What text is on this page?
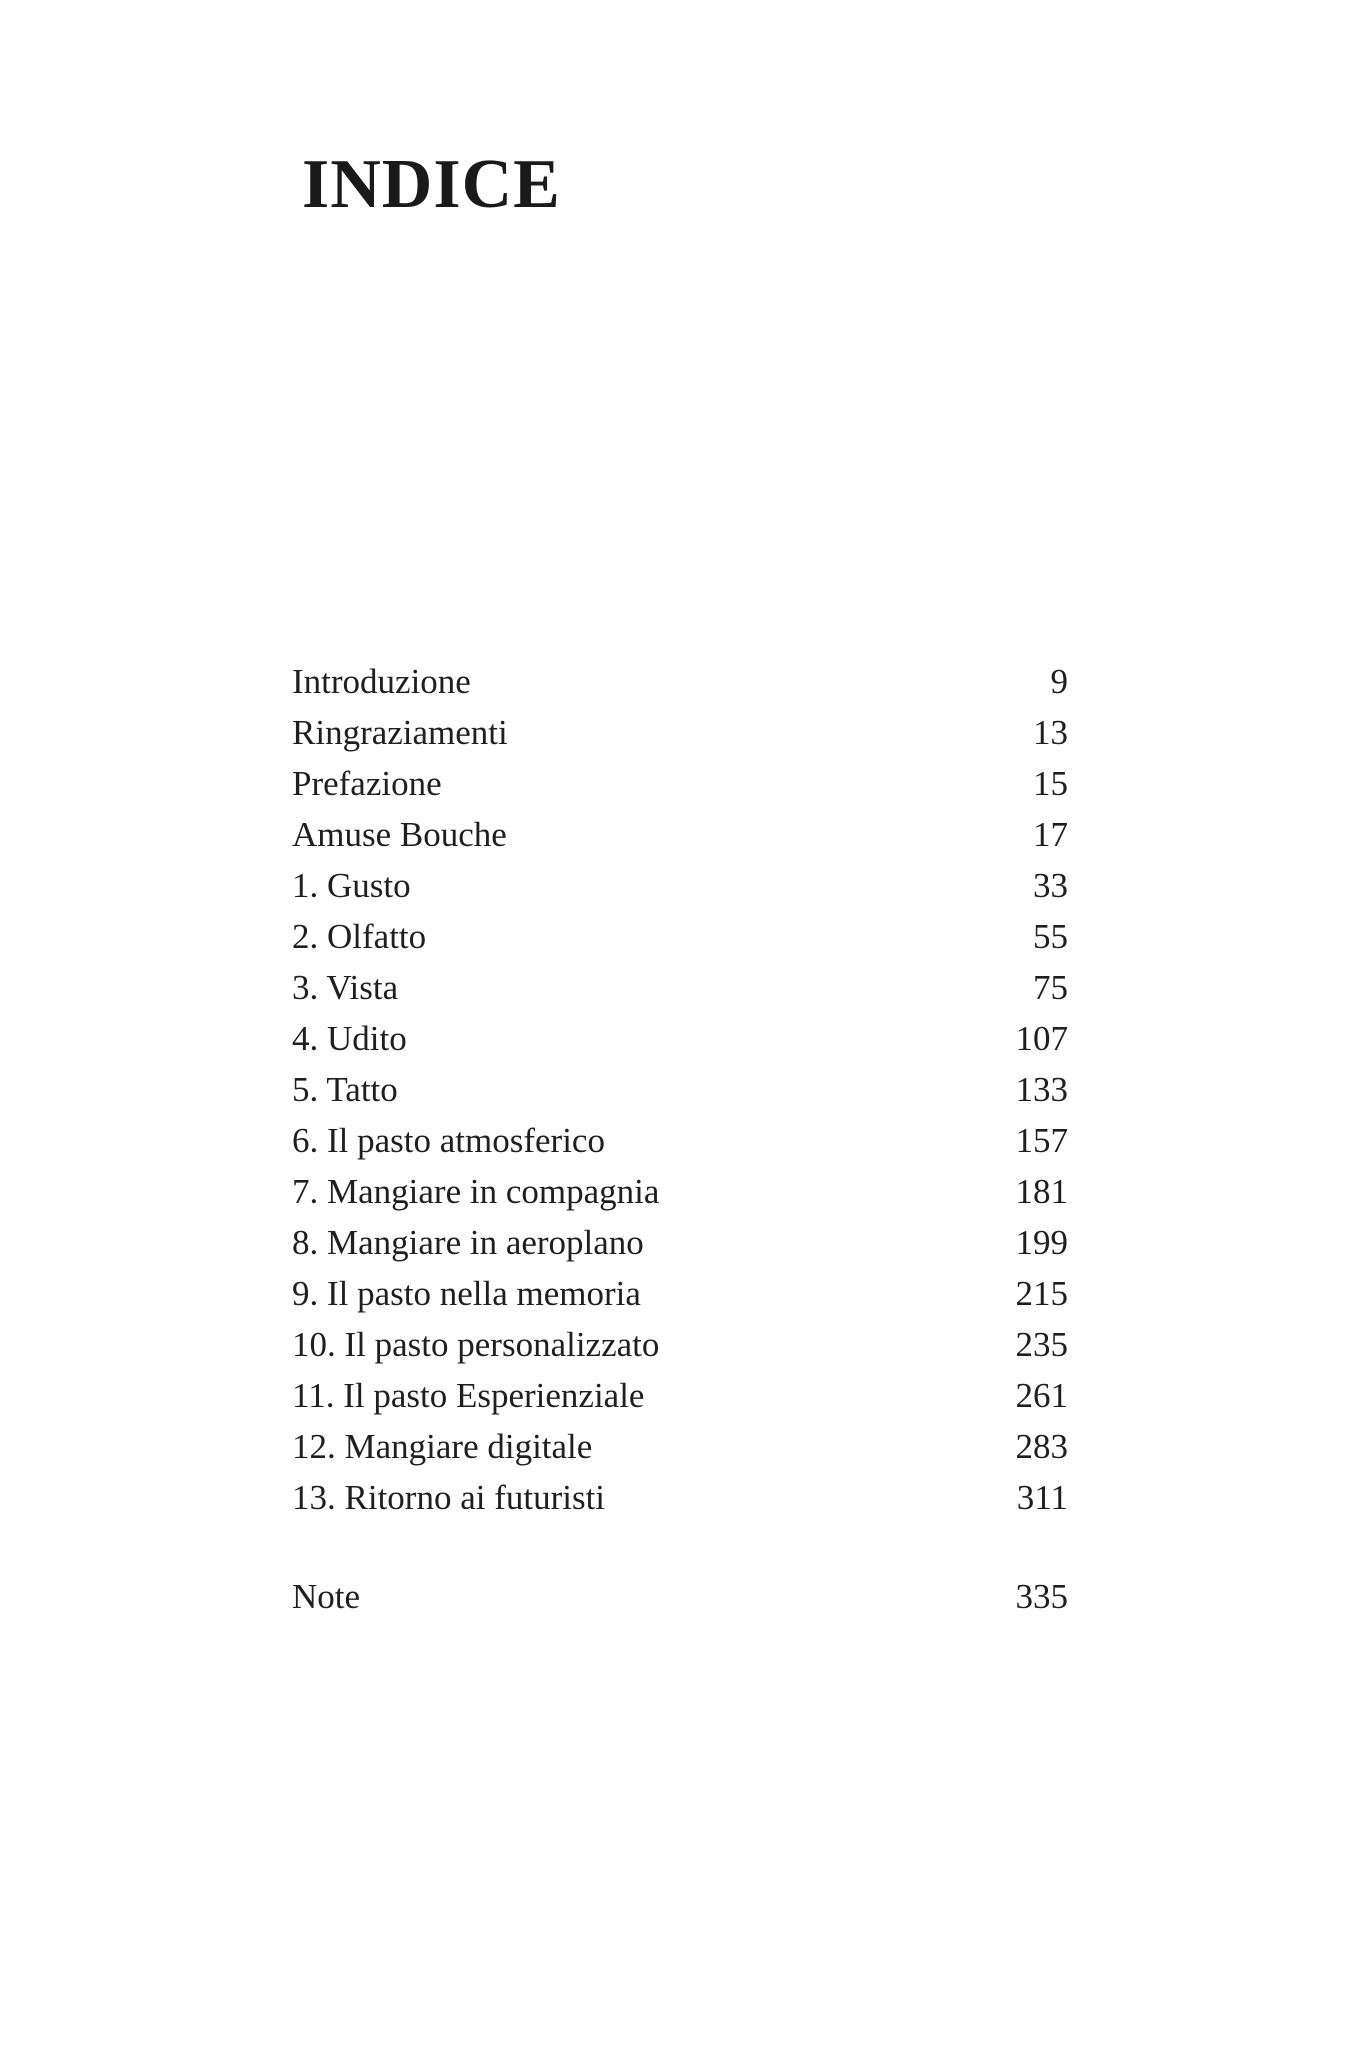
INDICE
Introduzione	9
Ringraziamenti	13
Prefazione	15
Amuse Bouche	17
1. Gusto	33
2. Olfatto	55
3. Vista	75
4. Udito	107
5. Tatto	133
6. Il pasto atmosferico	157
7. Mangiare in compagnia	181
8. Mangiare in aeroplano	199
9. Il pasto nella memoria	215
10. Il pasto personalizzato	235
11. Il pasto Esperienziale	261
12. Mangiare digitale	283
13. Ritorno ai futuristi	311
Note	335
